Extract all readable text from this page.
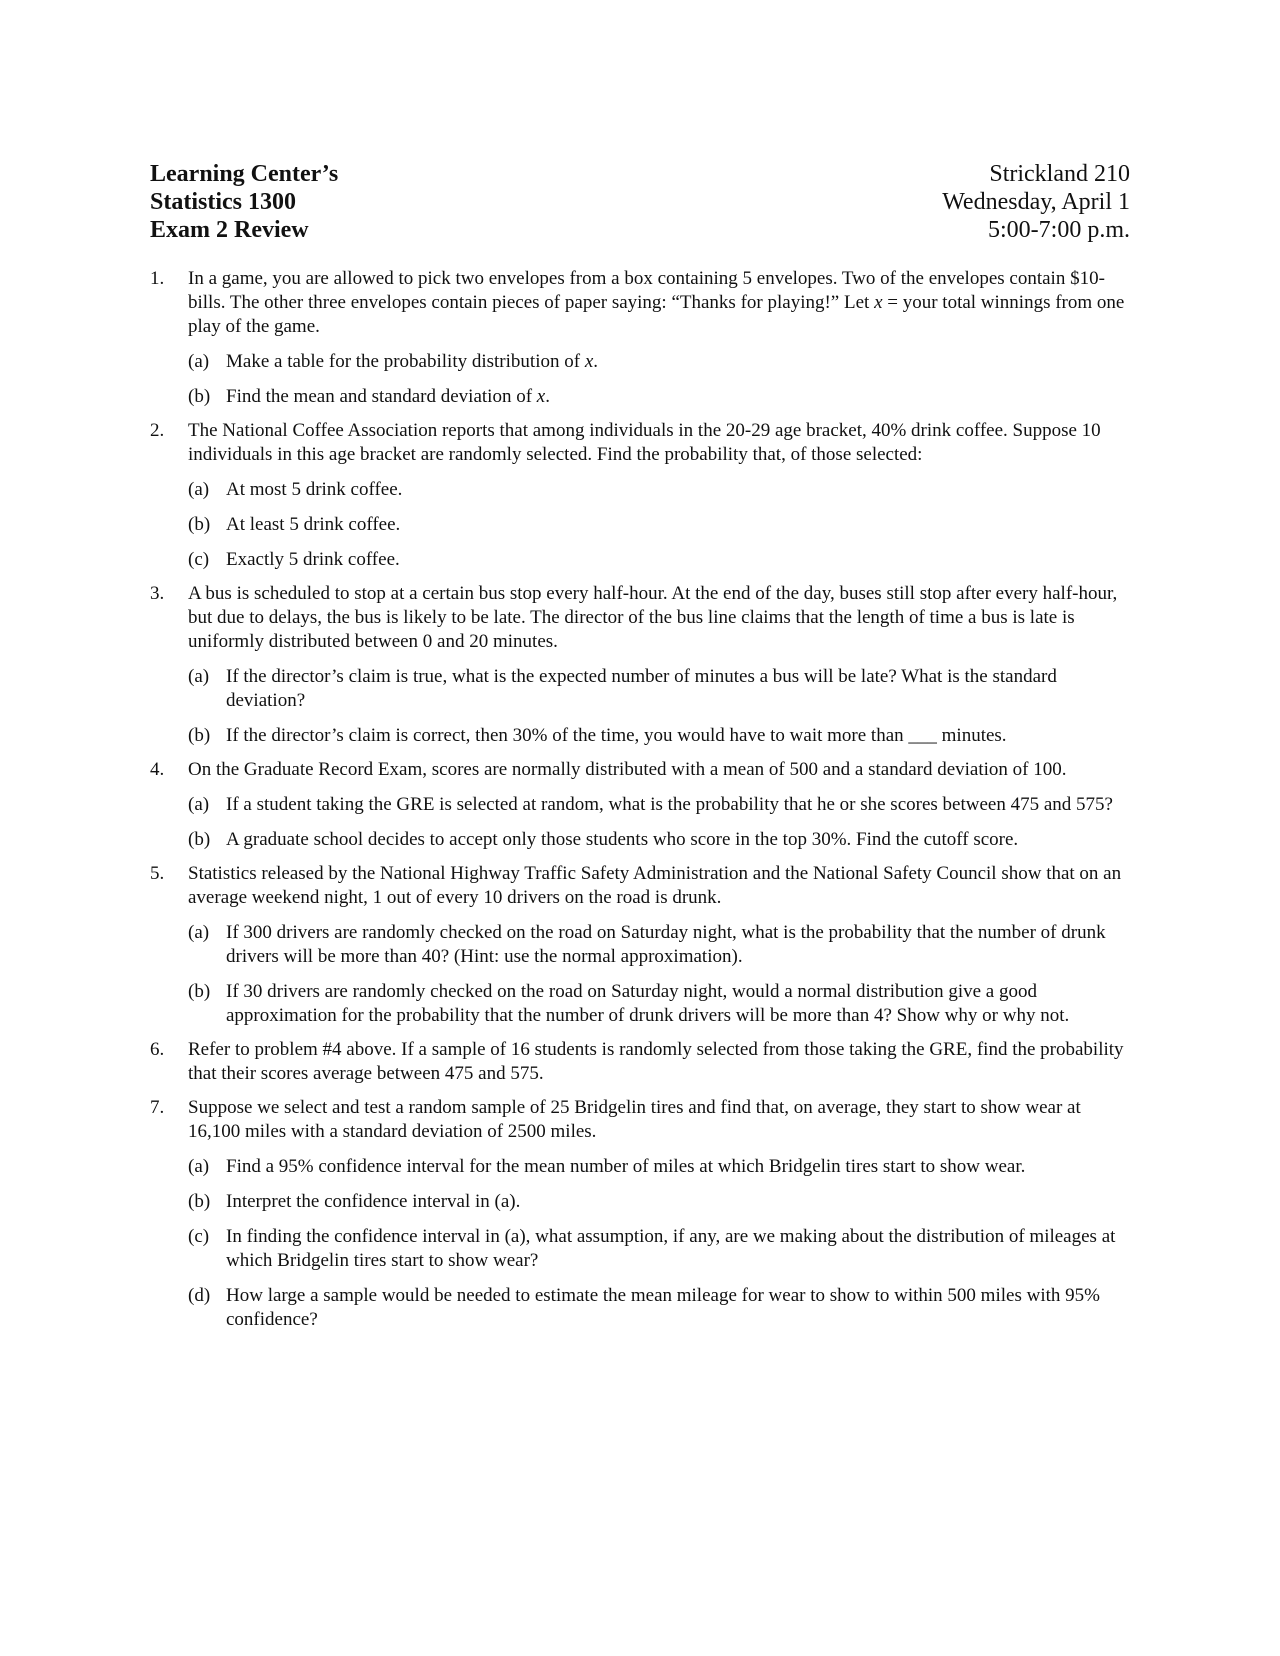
Learning Center’s
Statistics 1300
Exam 2 Review
Strickland 210
Wednesday, April 1
5:00-7:00 p.m.
1. In a game, you are allowed to pick two envelopes from a box containing 5 envelopes. Two of the envelopes contain $10-bills. The other three envelopes contain pieces of paper saying: “Thanks for playing!” Let x = your total winnings from one play of the game.
(a) Make a table for the probability distribution of x.
(b) Find the mean and standard deviation of x.
2. The National Coffee Association reports that among individuals in the 20-29 age bracket, 40% drink coffee. Suppose 10 individuals in this age bracket are randomly selected. Find the probability that, of those selected:
(a) At most 5 drink coffee.
(b) At least 5 drink coffee.
(c) Exactly 5 drink coffee.
3. A bus is scheduled to stop at a certain bus stop every half-hour. At the end of the day, buses still stop after every half-hour, but due to delays, the bus is likely to be late. The director of the bus line claims that the length of time a bus is late is uniformly distributed between 0 and 20 minutes.
(a) If the director’s claim is true, what is the expected number of minutes a bus will be late? What is the standard deviation?
(b) If the director’s claim is correct, then 30% of the time, you would have to wait more than ___ minutes.
4. On the Graduate Record Exam, scores are normally distributed with a mean of 500 and a standard deviation of 100.
(a) If a student taking the GRE is selected at random, what is the probability that he or she scores between 475 and 575?
(b) A graduate school decides to accept only those students who score in the top 30%. Find the cutoff score.
5. Statistics released by the National Highway Traffic Safety Administration and the National Safety Council show that on an average weekend night, 1 out of every 10 drivers on the road is drunk.
(a) If 300 drivers are randomly checked on the road on Saturday night, what is the probability that the number of drunk drivers will be more than 40? (Hint: use the normal approximation).
(b) If 30 drivers are randomly checked on the road on Saturday night, would a normal distribution give a good approximation for the probability that the number of drunk drivers will be more than 4? Show why or why not.
6. Refer to problem #4 above. If a sample of 16 students is randomly selected from those taking the GRE, find the probability that their scores average between 475 and 575.
7. Suppose we select and test a random sample of 25 Bridgelin tires and find that, on average, they start to show wear at 16,100 miles with a standard deviation of 2500 miles.
(a) Find a 95% confidence interval for the mean number of miles at which Bridgelin tires start to show wear.
(b) Interpret the confidence interval in (a).
(c) In finding the confidence interval in (a), what assumption, if any, are we making about the distribution of mileages at which Bridgelin tires start to show wear?
(d) How large a sample would be needed to estimate the mean mileage for wear to show to within 500 miles with 95% confidence?
